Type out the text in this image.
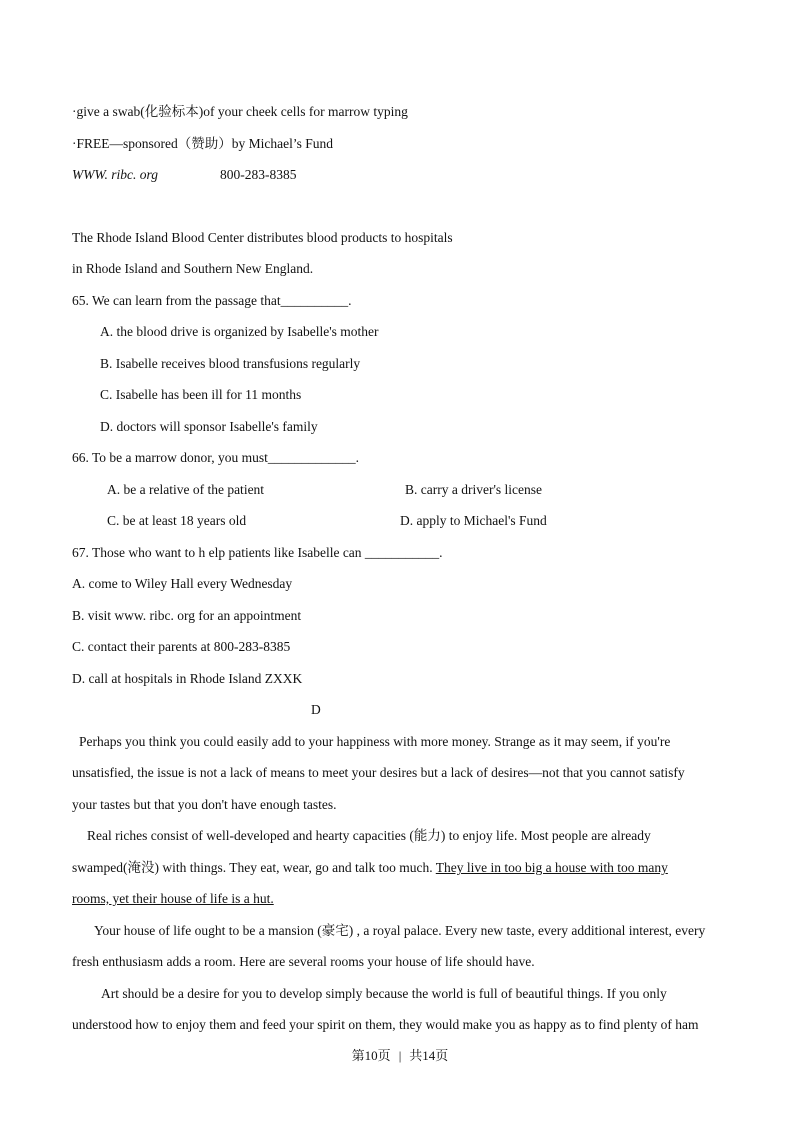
·give a swab(化验标本)of your cheek cells for marrow typing
·FREE—sponsored（赞助）by Michael’s Fund
WWW. ribc. org	800-283-8385
The Rhode Island Blood Center distributes blood products to hospitals
in Rhode Island and Southern New England.
65. We can learn from the passage that__________.
A. the blood drive is organized by Isabelle's mother
B. Isabelle receives blood transfusions regularly
C. Isabelle has been ill for 11 months
D. doctors will sponsor Isabelle's family
66. To be a marrow donor, you must_____________.
A. be a relative of the patient	B. carry a driver's license
C. be at least 18 years old	D. apply to Michael's Fund
67. Those who want to h elp patients like Isabelle can ___________.
A. come to Wiley Hall every Wednesday
B. visit www. ribc. org for an appointment
C. contact their parents at 800-283-8385
D. call at hospitals in Rhode Island ZXXK
D
Perhaps you think you could easily add to your happiness with more money. Strange as it may seem, if you're
unsatisfied, the issue is not a lack of means to meet your desires but a lack of desires—not that you cannot satisfy
your tastes but that you don't have enough tastes.
Real riches consist of well-developed and hearty capacities (能力) to enjoy life. Most people are already
swamped(淹没) with things. They eat, wear, go and talk too much. They live in too big a house with too many
rooms, yet their house of life is a hut.
Your house of life ought to be a mansion (豪宅) , a royal palace. Every new taste, every additional interest, every
fresh enthusiasm adds a room. Here are several rooms your house of life should have.
Art should be a desire for you to develop simply because the world is full of beautiful things. If you only
understood how to enjoy them and feed your spirit on them, they would make you as happy as to find plenty of ham
第10页 | 共14页
